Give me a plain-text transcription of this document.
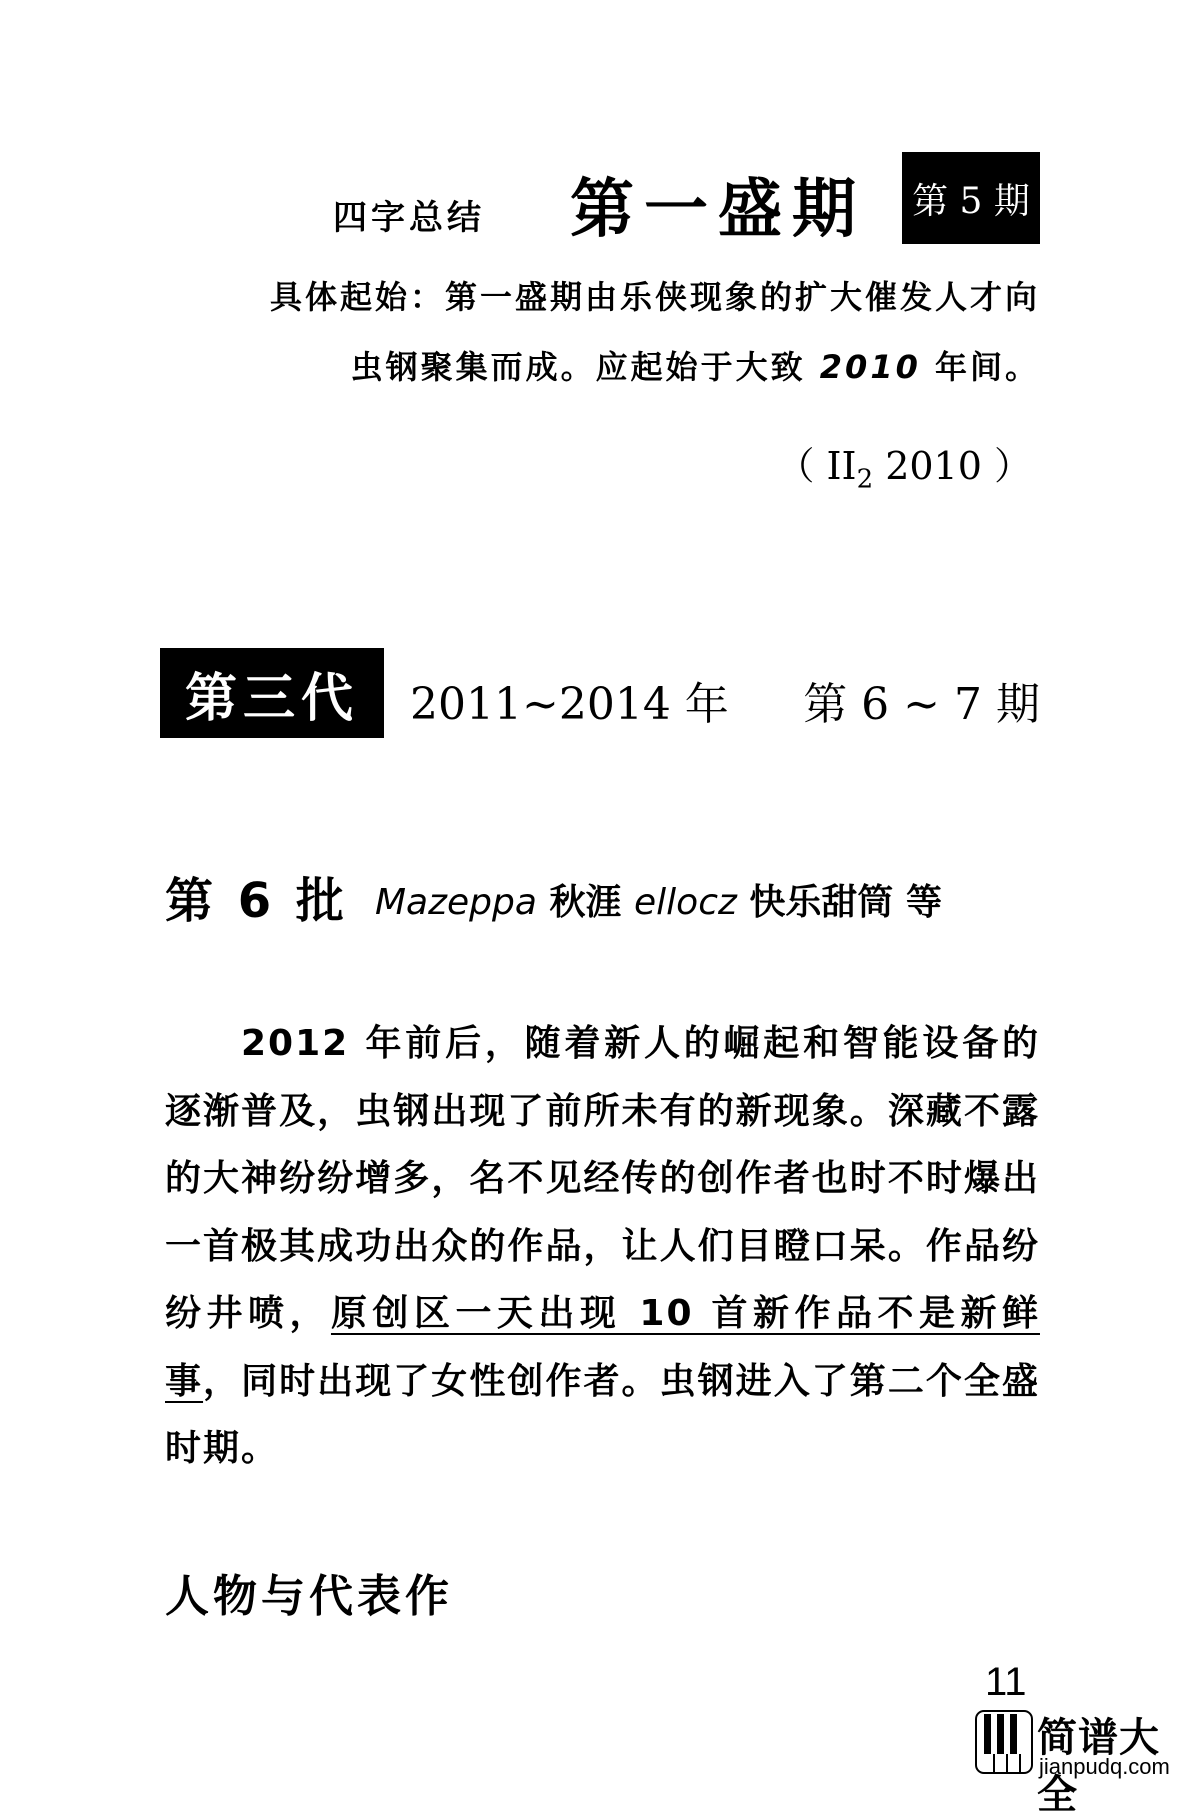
四字总结 第一盛期 第 5 期
具体起始：第一盛期由乐侠现象的扩大催发人才向
虫钢聚集而成。应起始于大致 2010 年间。
（ $II_2$ 2010 ）
第三代 2011~2014 年 第 6 ~ 7 期
第 6 批 Mazeppa 秋涯 ellocz 快乐甜筒 等
2012 年前后，随着新人的崛起和智能设备的逐渐普及，虫钢出现了前所未有的新现象。深藏不露的大神纷纷增多，名不见经传的创作者也时不时爆出一首极其成功出众的作品，让人们目瞪口呆。作品纷纷井喷，原创区一天出现 10 首新作品不是新鲜事，同时出现了女性创作者。虫钢进入了第二个全盛时期。
人物与代表作
11
简谱大全
jianpudq.com
